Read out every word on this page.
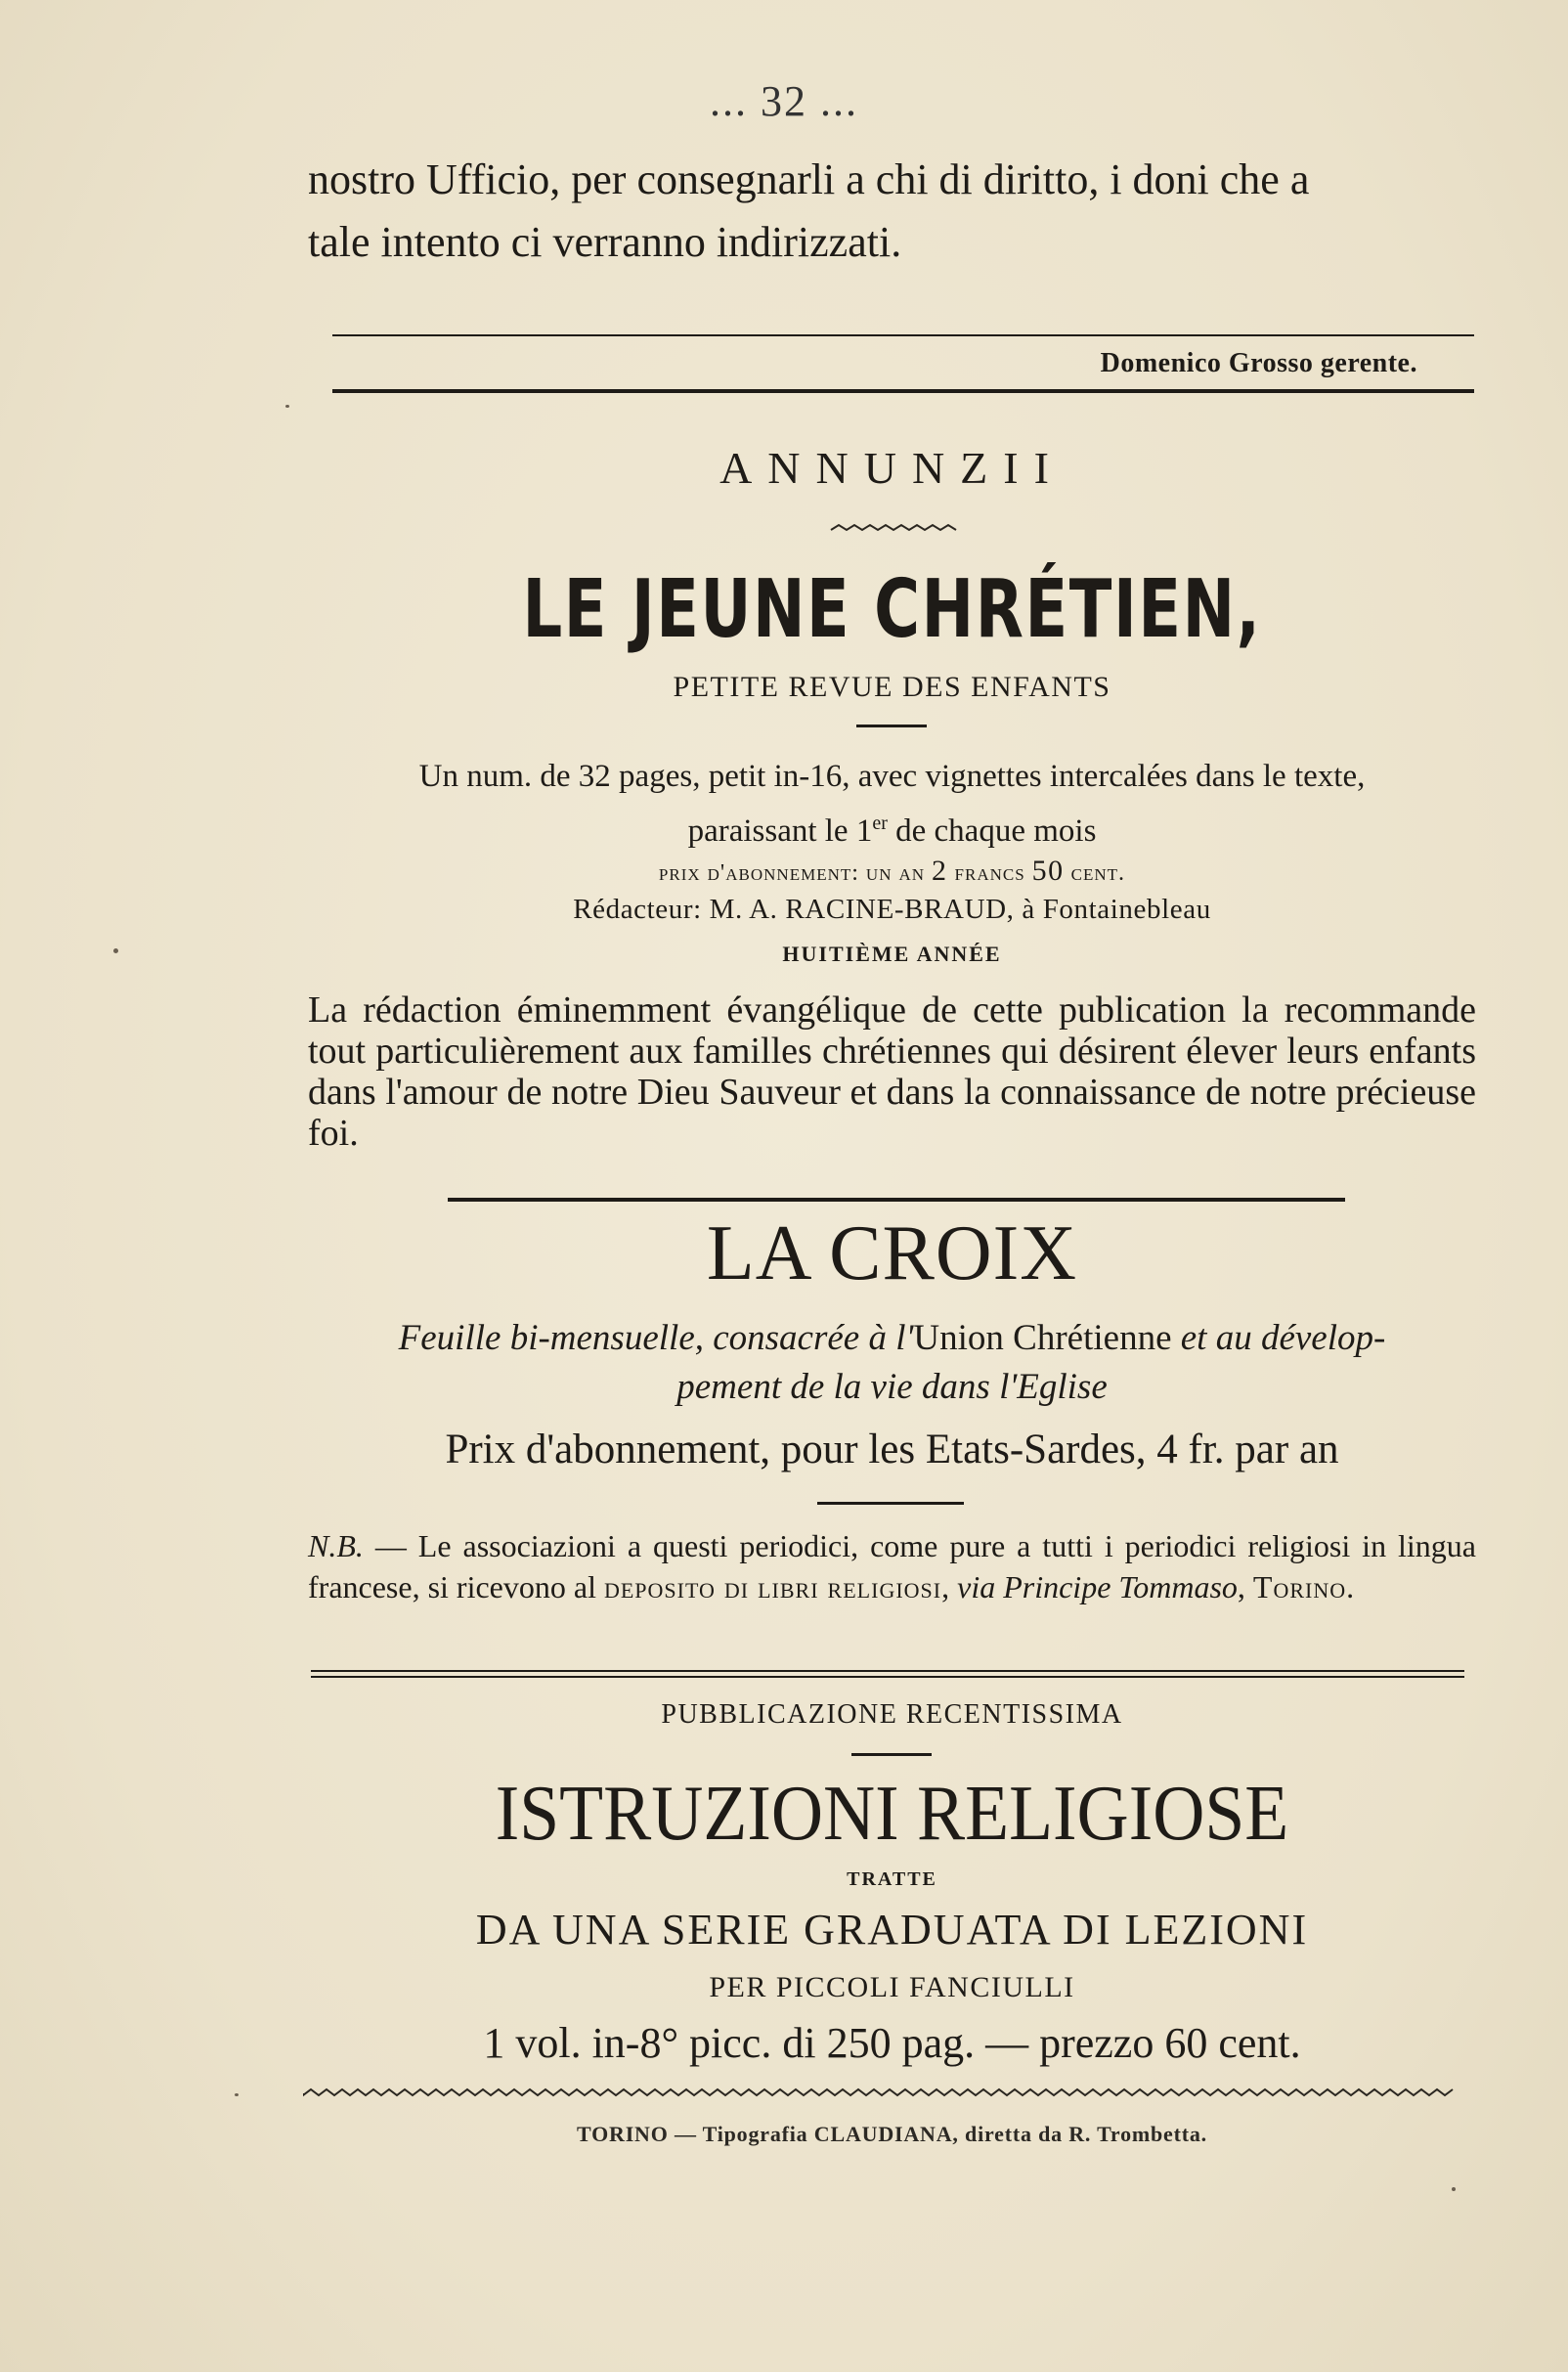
... 32 ...
nostro Ufficio, per consegnarli a chi di diritto, i doni che a
tale intento ci verranno indirizzati.
Domenico Grosso gerente.
ANNUNZII
LE JEUNE CHRÉTIEN,
PETITE REVUE DES ENFANTS
Un num. de 32 pages, petit in-16, avec vignettes intercalées dans le texte,
paraissant le 1er de chaque mois
prix d'abonnement: un an 2 francs 50 cent.
Rédacteur: M. A. RACINE-BRAUD, à Fontainebleau
HUITIÈME ANNÉE
La rédaction éminemment évangélique de cette publication la recommande tout particulièrement aux familles chrétiennes qui désirent élever leurs enfants dans l'amour de notre Dieu Sauveur et dans la connaissance de notre précieuse foi.
LA CROIX
Feuille bi-mensuelle, consacrée à l'Union Chrétienne et au dévelop-
pement de la vie dans l'Eglise
Prix d'abonnement, pour les Etats-Sardes, 4 fr. par an
N.B. — Le associazioni a questi periodici, come pure a tutti i periodici religiosi in lingua francese, si ricevono al deposito di libri religiosi, via Principe Tommaso, Torino.
PUBBLICAZIONE RECENTISSIMA
ISTRUZIONI RELIGIOSE
TRATTE
DA UNA SERIE GRADUATA DI LEZIONI
PER PICCOLI FANCIULLI
1 vol. in-8° picc. di 250 pag. — prezzo 60 cent.
TORINO — Tipografia CLAUDIANA, diretta da R. Trombetta.
